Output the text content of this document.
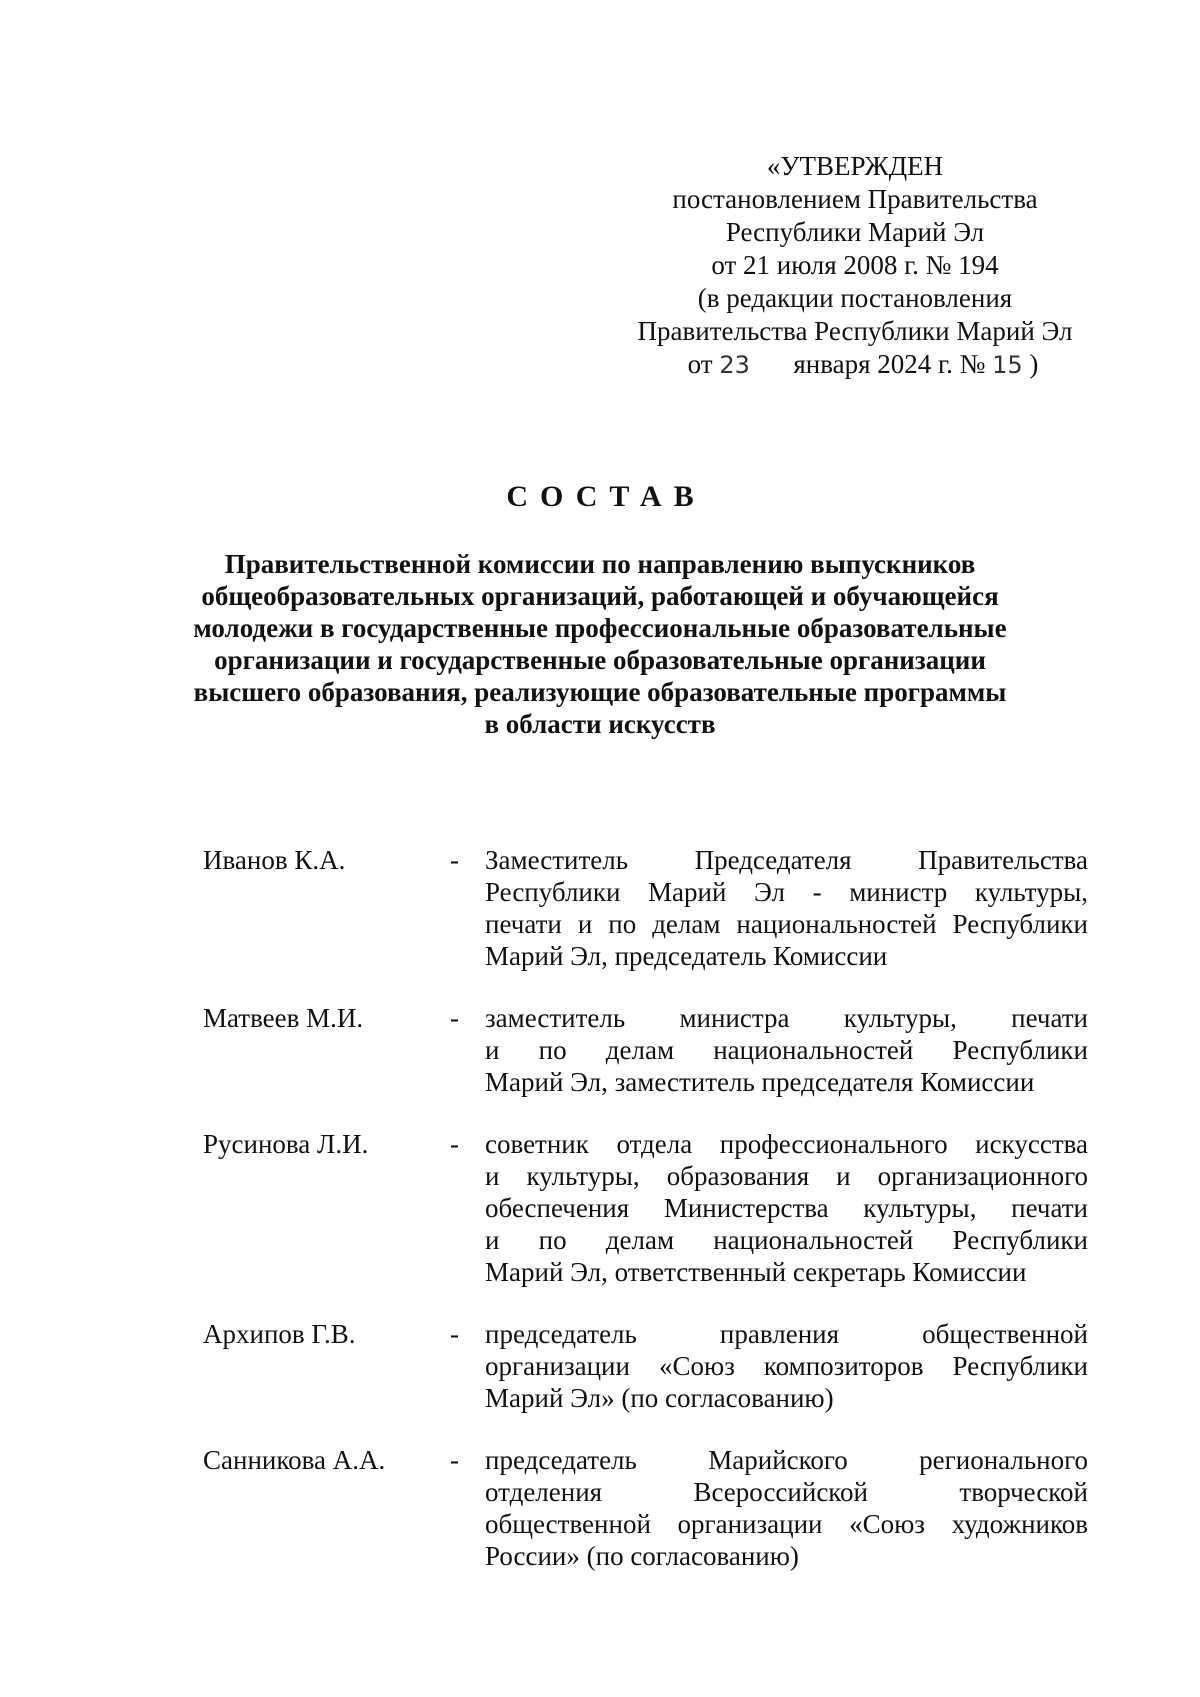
«УТВЕРЖДЕН
постановлением Правительства
Республики Марий Эл
от 21 июля 2008 г. № 194
(в редакции постановления
Правительства Республики Марий Эл
от 23 января 2024 г. № 15 )
СОСТАВ
Правительственной комиссии по направлению выпускников
общеобразовательных организаций, работающей и обучающейся
молодежи в государственные профессиональные образовательные
организации и государственные образовательные организации
высшего образования, реализующие образовательные программы
в области искусств
Иванов К.А.	- Заместитель Председателя Правительства
Республики Марий Эл - министр культуры,
печати и по делам национальностей Республики
Марий Эл, председатель Комиссии
Матвеев М.И.	- заместитель министра культуры, печати
и по делам национальностей Республики
Марий Эл, заместитель председателя Комиссии
Русинова Л.И.	- советник отдела профессионального искусства
и культуры, образования и организационного
обеспечения Министерства культуры, печати
и по делам национальностей Республики
Марий Эл, ответственный секретарь Комиссии
Архипов Г.В.	- председатель правления общественной
организации «Союз композиторов Республики
Марий Эл» (по согласованию)
Санникова А.А.	- председатель Марийского регионального
отделения Всероссийской творческой
общественной организации «Союз художников
России» (по согласованию)
